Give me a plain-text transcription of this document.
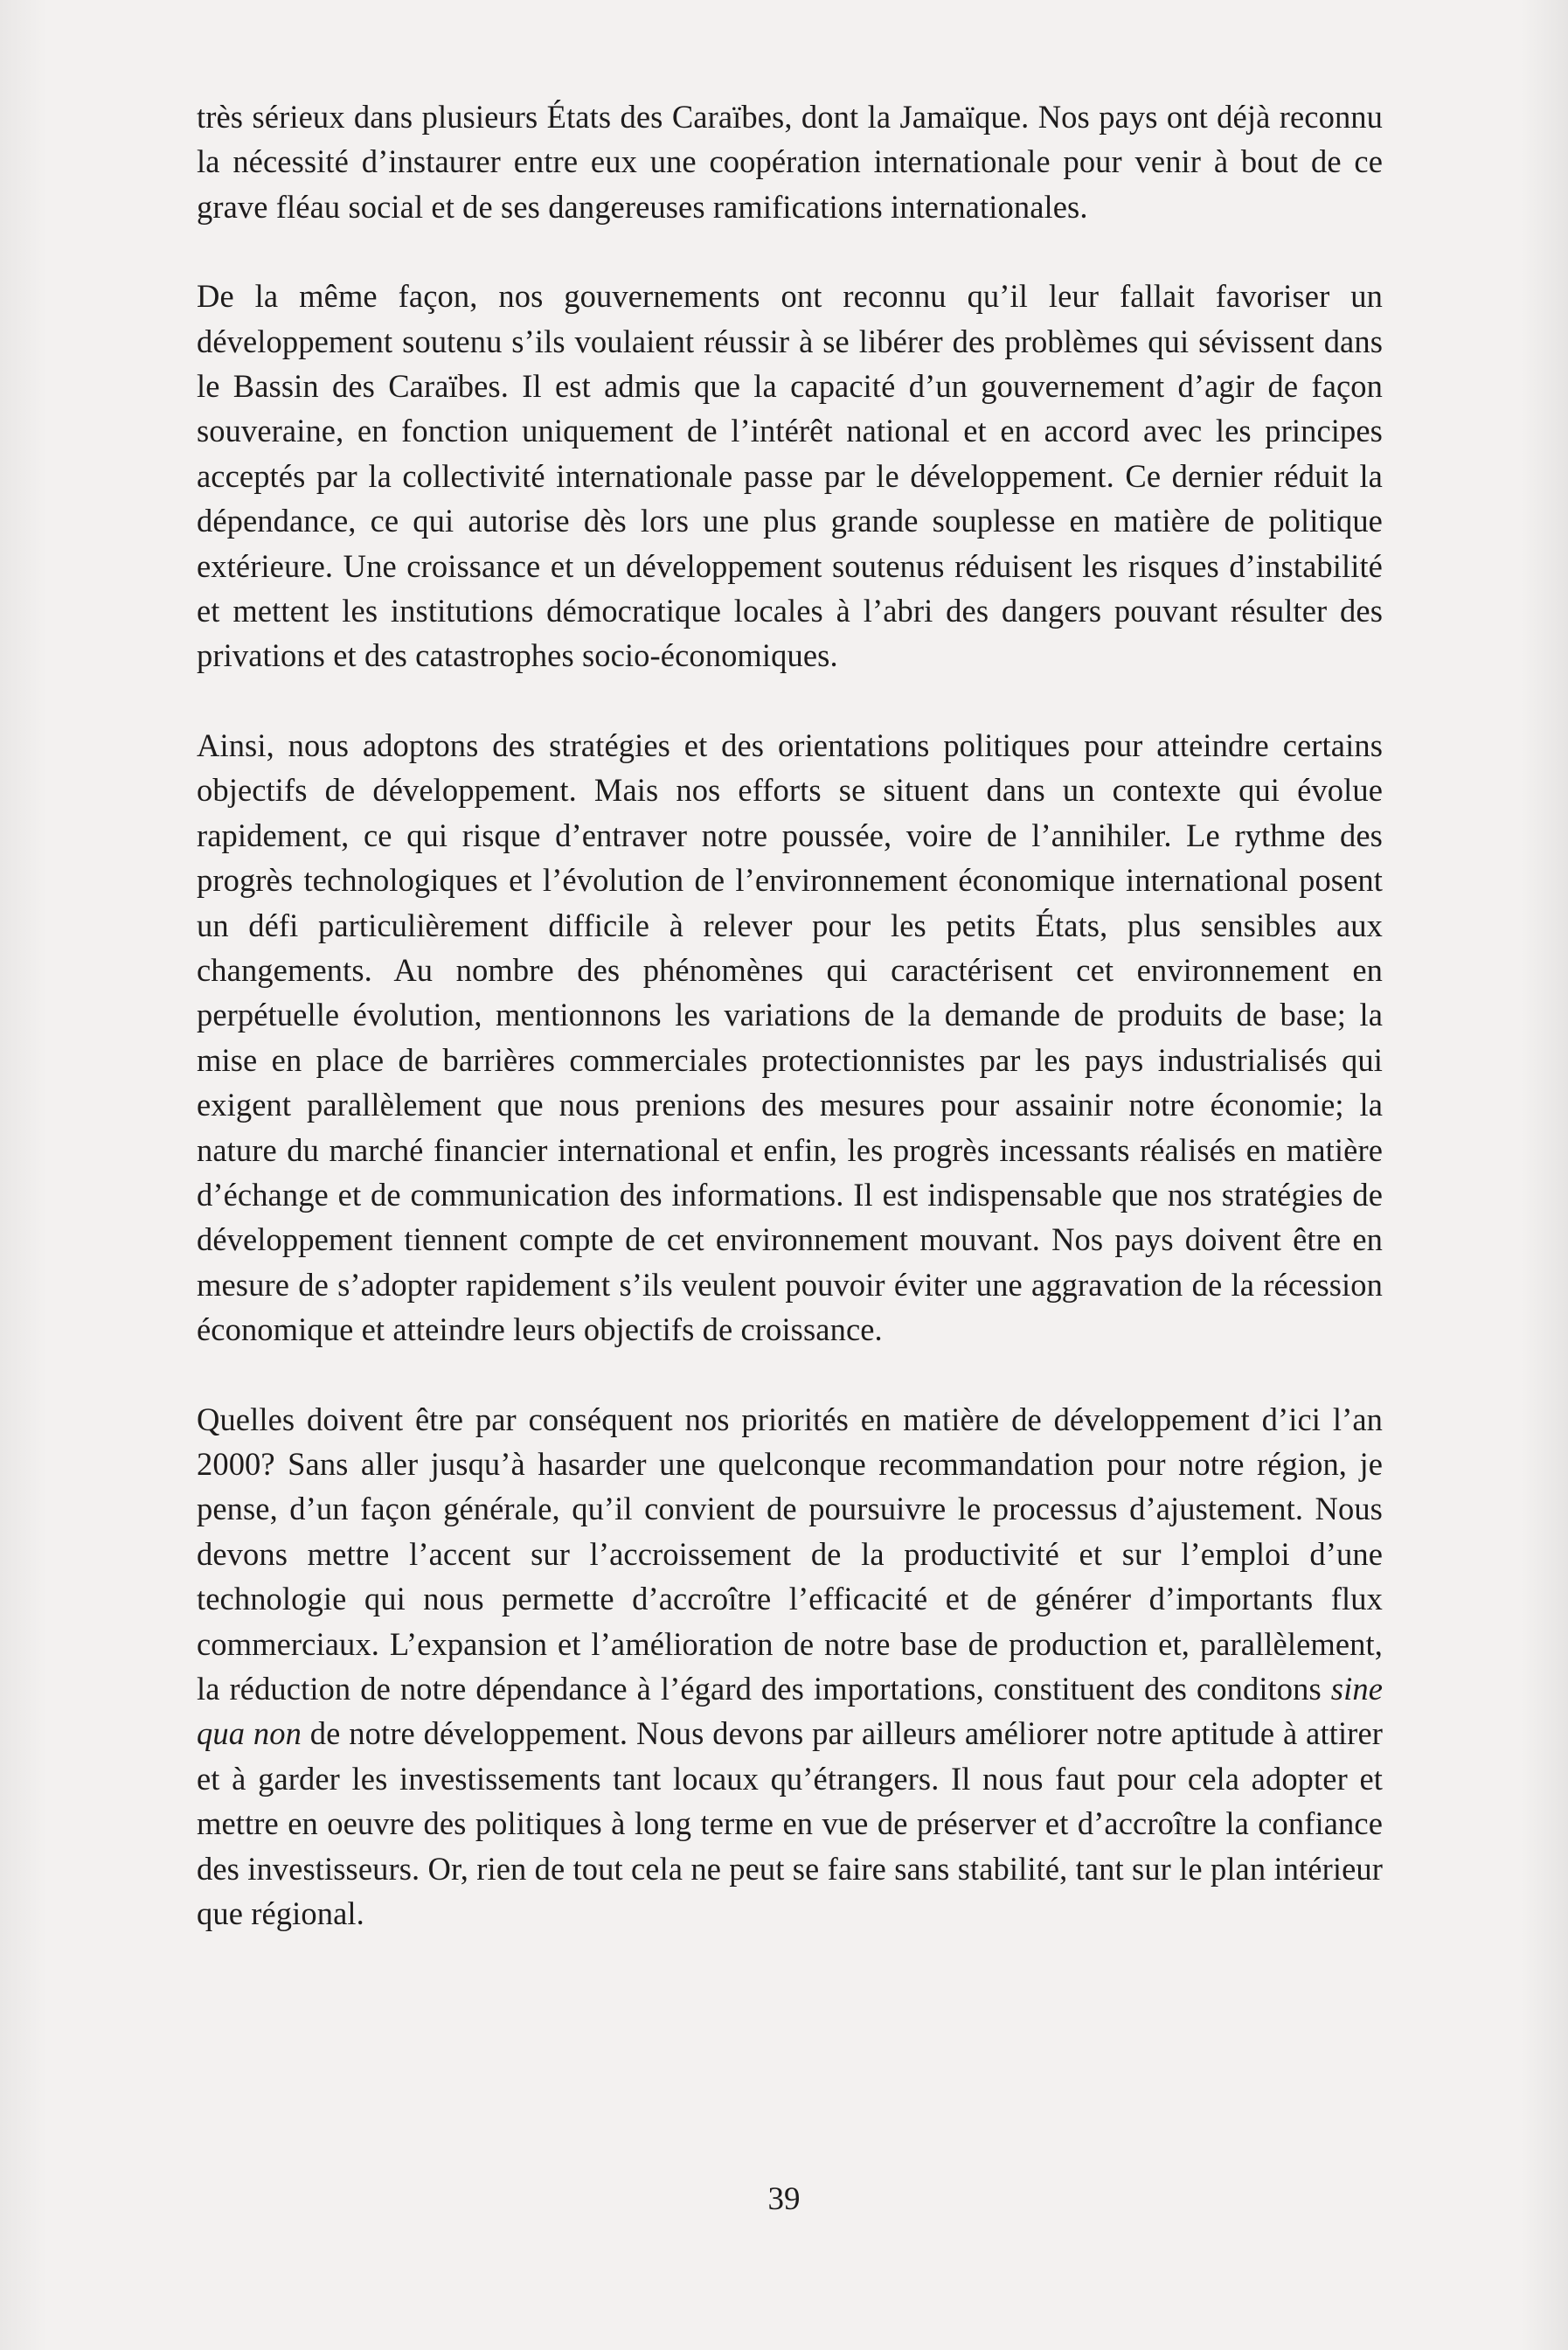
très sérieux dans plusieurs États des Caraïbes, dont la Jamaïque. Nos pays ont déjà reconnu la nécessité d’instaurer entre eux une coopération internationale pour venir à bout de ce grave fléau social et de ses dangereuses ramifications internationales.

De la même façon, nos gouvernements ont reconnu qu’il leur fallait favoriser un développement soutenu s’ils voulaient réussir à se libérer des problèmes qui sévissent dans le Bassin des Caraïbes. Il est admis que la capacité d’un gouvernement d’agir de façon souveraine, en fonction uniquement de l’intérêt national et en accord avec les principes acceptés par la collectivité internationale passe par le développement. Ce dernier réduit la dépendance, ce qui autorise dès lors une plus grande souplesse en matière de politique extérieure. Une croissance et un développement soutenus réduisent les risques d’instabilité et mettent les institutions démocratique locales à l’abri des dangers pouvant résulter des privations et des catastrophes socio-économiques.

Ainsi, nous adoptons des stratégies et des orientations politiques pour atteindre certains objectifs de développement. Mais nos efforts se situent dans un contexte qui évolue rapidement, ce qui risque d’entraver notre poussée, voire de l’annihiler. Le rythme des progrès technologiques et l’évolution de l’environnement économique international posent un défi particulièrement difficile à relever pour les petits États, plus sensibles aux changements. Au nombre des phénomènes qui caractérisent cet environnement en perpétuelle évolution, mentionnons les variations de la demande de produits de base; la mise en place de barrières commerciales protectionnistes par les pays industrialisés qui exigent parallèlement que nous prenions des mesures pour assainir notre économie; la nature du marché financier international et enfin, les progrès incessants réalisés en matière d’échange et de communication des informations. Il est indispensable que nos stratégies de développement tiennent compte de cet environnement mouvant. Nos pays doivent être en mesure de s’adopter rapidement s’ils veulent pouvoir éviter une aggravation de la récession économique et atteindre leurs objectifs de croissance.

Quelles doivent être par conséquent nos priorités en matière de développement d’ici l’an 2000? Sans aller jusqu’à hasarder une quelconque recommandation pour notre région, je pense, d’un façon générale, qu’il convient de poursuivre le processus d’ajustement. Nous devons mettre l’accent sur l’accroissement de la productivité et sur l’emploi d’une technologie qui nous permette d’accroître l’efficacité et de générer d’importants flux commerciaux. L’expansion et l’amélioration de notre base de production et, parallèlement, la réduction de notre dépendance à l’égard des importations, constituent des conditons sine qua non de notre développement. Nous devons par ailleurs améliorer notre aptitude à attirer et à garder les investissements tant locaux qu’étrangers. Il nous faut pour cela adopter et mettre en oeuvre des politiques à long terme en vue de préserver et d’accroître la confiance des investisseurs. Or, rien de tout cela ne peut se faire sans stabilité, tant sur le plan intérieur que régional.

39
